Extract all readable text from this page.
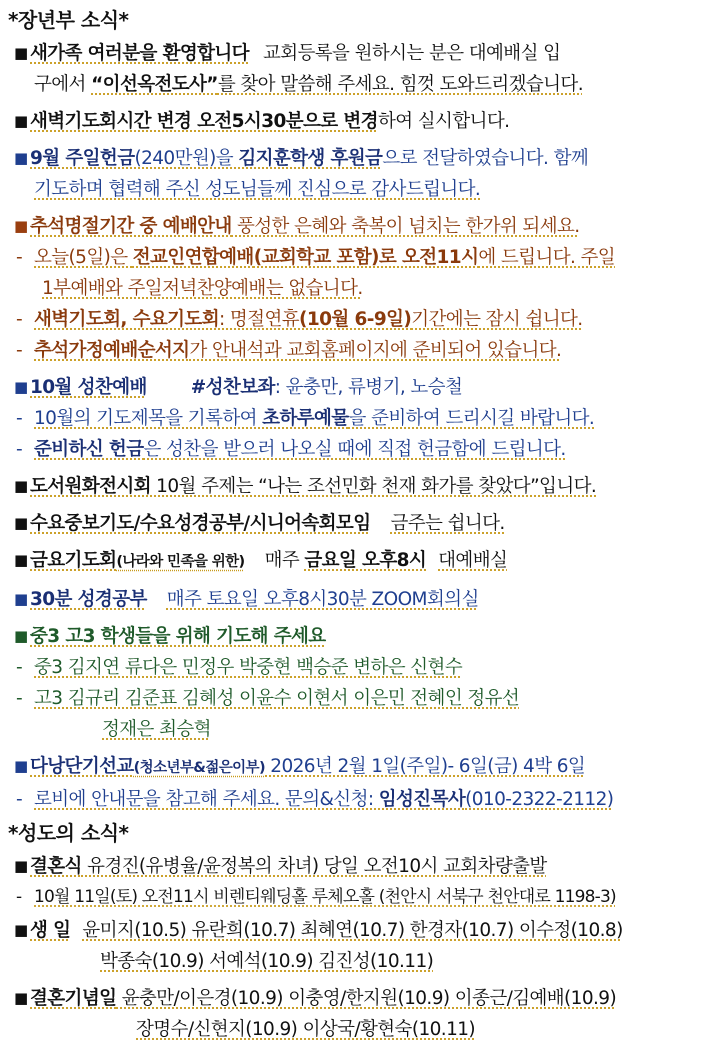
*장년부 소식*
■ 새가족 여러분을 환영합니다 교회등록을 원하시는 분은 대예배실 입
구에서 “이선옥전도사”를 찾아 말씀해 주세요. 힘껏 도와드리겠습니다.
■ 새벽기도회시간 변경 오전5시30분으로 변경하여 실시합니다.
■ 9월 주일헌금(240만원)을 김지훈학생 후원금으로 전달하였습니다. 함께
기도하며 협력해 주신 성도님들께 진심으로 감사드립니다.
■ 추석명절기간 중 예배안내 풍성한 은혜와 축복이 넘치는 한가위 되세요.
- 오늘(5일)은 전교인연합예배(교회학교 포함)로 오전11시에 드립니다. 주일
1부예배와 주일저녁찬양예배는 없습니다.
- 새벽기도회, 수요기도회: 명절연휴(10월 6-9일)기간에는 잠시 쉽니다.
- 추석가정예배순서지가 안내석과 교회홈페이지에 준비되어 있습니다.
■ 10월 성찬예배 #성찬보좌: 윤충만, 류병기, 노승철
- 10월의 기도제목을 기록하여 초하루예물을 준비하여 드리시길 바랍니다.
- 준비하신 헌금은 성찬을 받으러 나오실 때에 직접 헌금함에 드립니다.
■ 도서원화전시회 10월 주제는 “나는 조선민화 천재 화가를 찾았다”입니다.
■ 수요중보기도/수요성경공부/시니어속회모임 금주는 쉽니다.
■ 금요기도회(나라와 민족을 위한) 매주 금요일 오후8시 대예배실
■ 30분 성경공부 매주 토요일 오후8시30분 ZOOM회의실
■ 중3 고3 학생들을 위해 기도해 주세요
- 중3 김지연 류다은 민정우 박중현 백승준 변하은 신현수
- 고3 김규리 김준표 김혜성 이윤수 이현서 이은민 전혜인 정유선
정재은 최승혁
■ 다낭단기선교(청소년부&젊은이부) 2026년 2월 1일(주일)- 6일(금) 4박 6일
- 로비에 안내문을 참고해 주세요. 문의&신청: 임성진목사(010-2322-2112)
*성도의 소식*
■ 결혼식 유경진(유병율/윤정복의 차녀) 당일 오전10시 교회차량출발
- 10월 11일(토) 오전11시 비렌티웨딩홀 루체오홀 (천안시 서북구 천안대로 1198-3)
■ 생 일 윤미지(10.5) 유란희(10.7) 최혜연(10.7) 한경자(10.7) 이수정(10.8)
박종숙(10.9) 서예석(10.9) 김진성(10.11)
■ 결혼기념일 윤충만/이은경(10.9) 이충영/한지원(10.9) 이종근/김예배(10.9)
장명수/신현지(10.9) 이상국/황현숙(10.11)
